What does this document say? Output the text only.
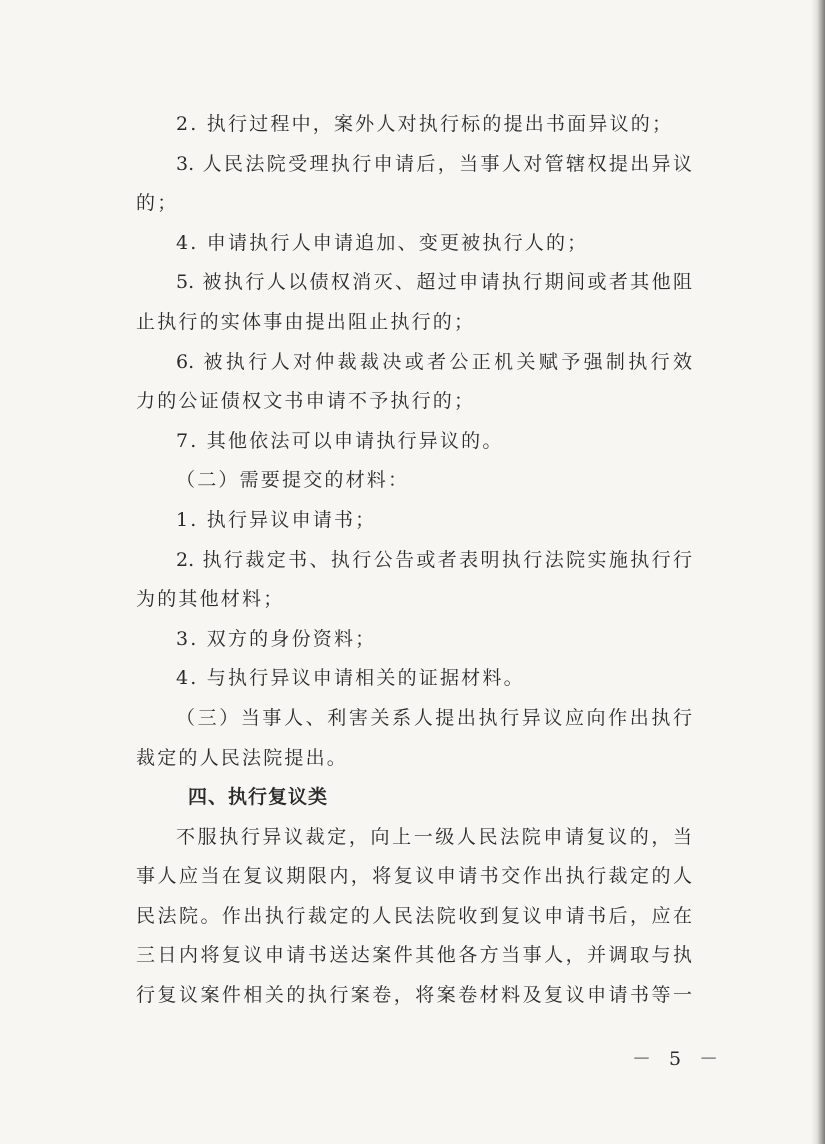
2. 执行过程中，案外人对执行标的提出书面异议的；
3. 人民法院受理执行申请后，当事人对管辖权提出异议
的；
4. 申请执行人申请追加、变更被执行人的；
5. 被执行人以债权消灭、超过申请执行期间或者其他阻
止执行的实体事由提出阻止执行的；
6. 被执行人对仲裁裁决或者公正机关赋予强制执行效
力的公证债权文书申请不予执行的；
7. 其他依法可以申请执行异议的。
（二）需要提交的材料：
1. 执行异议申请书；
2. 执行裁定书、执行公告或者表明执行法院实施执行行
为的其他材料；
3. 双方的身份资料；
4. 与执行异议申请相关的证据材料。
（三）当事人、利害关系人提出执行异议应向作出执行
裁定的人民法院提出。
四、执行复议类
不服执行异议裁定，向上一级人民法院申请复议的，当
事人应当在复议期限内，将复议申请书交作出执行裁定的人
民法院。作出执行裁定的人民法院收到复议申请书后，应在
三日内将复议申请书送达案件其他各方当事人，并调取与执
行复议案件相关的执行案卷，将案卷材料及复议申请书等一
－ 5 －
